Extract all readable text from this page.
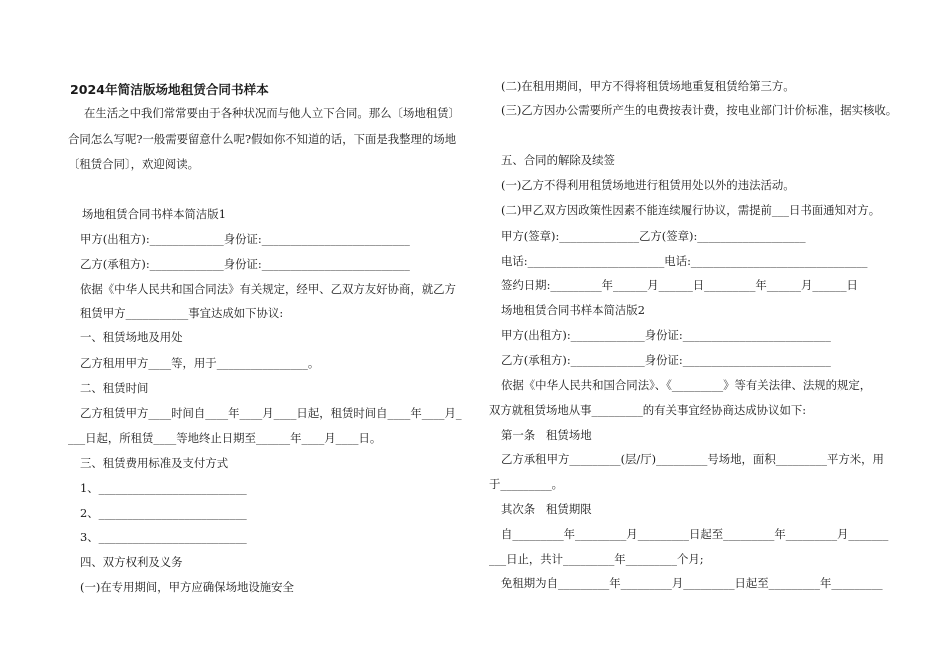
2024年简洁版场地租赁合同书样本
在生活之中我们常常要由于各种状况而与他人立下合同。那么〔场地租赁〕
合同怎么写呢?一般需要留意什么呢?假如你不知道的话，下面是我整理的场地
〔租赁合同〕，欢迎阅读。
场地租赁合同书样本简洁版1
甲方(出租方):_____________身份证:__________________________
乙方(承租方):_____________身份证:__________________________
依据《中华人民共和国合同法》有关规定，经甲、乙双方友好协商，就乙方
租赁甲方___________事宜达成如下协议:
一、租赁场地及用处
乙方租用甲方____等，用于________________。
二、租赁时间
乙方租赁甲方____时间自____年____月____日起，租赁时间自____年____月_
___日起，所租赁____等地终止日期至______年____月____日。
三、租赁费用标准及支付方式
1、__________________________
2、__________________________
3、__________________________
四、双方权利及义务
(一)在专用期间，甲方应确保场地设施安全
(二)在租用期间，甲方不得将租赁场地重复租赁给第三方。
(三)乙方因办公需要所产生的电费按表计费，按电业部门计价标准，据实核收。
五、合同的解除及续签
(一)乙方不得利用租赁场地进行租赁用处以外的违法活动。
(二)甲乙双方因政策性因素不能连续履行协议，需提前___日书面通知对方。
甲方(签章):______________乙方(签章):___________________
电话:________________________电话:_______________________________
签约日期:_________年______月______日_________年______月______日
场地租赁合同书样本简洁版2
甲方(出租方):_____________身份证:__________________________
乙方(承租方):_____________身份证:__________________________
依据《中华人民共和国合同法》、《_________》等有关法律、法规的规定，
双方就租赁场地从事_________的有关事宜经协商达成协议如下:
第一条   租赁场地
乙方承租甲方_________(层/厅)_________号场地，面积_________平方米，用
于_________。
其次条   租赁期限
自_________年_________月_________日起至_________年_________月_______
___日止，共计_________年_________个月;
免租期为自_________年_________月_________日起至_________年_________
